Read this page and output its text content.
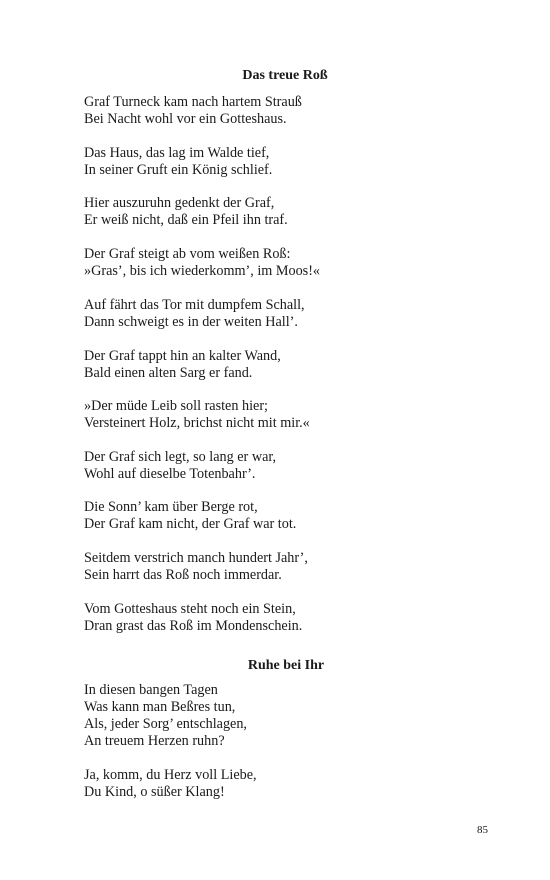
Das treue Roß
Graf Turneck kam nach hartem Strauß
Bei Nacht wohl vor ein Gotteshaus.
Das Haus, das lag im Walde tief,
In seiner Gruft ein König schlief.
Hier auszuruhn gedenkt der Graf,
Er weiß nicht, daß ein Pfeil ihn traf.
Der Graf steigt ab vom weißen Roß:
»Gras’, bis ich wiederkomm’, im Moos!«
Auf fährt das Tor mit dumpfem Schall,
Dann schweigt es in der weiten Hall’.
Der Graf tappt hin an kalter Wand,
Bald einen alten Sarg er fand.
»Der müde Leib soll rasten hier;
Versteinert Holz, brichst nicht mit mir.«
Der Graf sich legt, so lang er war,
Wohl auf dieselbe Totenbahr’.
Die Sonn’ kam über Berge rot,
Der Graf kam nicht, der Graf war tot.
Seitdem verstrich manch hundert Jahr’,
Sein harrt das Roß noch immerdar.
Vom Gotteshaus steht noch ein Stein,
Dran grast das Roß im Mondenschein.
Ruhe bei Ihr
In diesen bangen Tagen
Was kann man Beßres tun,
Als, jeder Sorg’ entschlagen,
An treuem Herzen ruhn?
Ja, komm, du Herz voll Liebe,
Du Kind, o süßer Klang!
85
